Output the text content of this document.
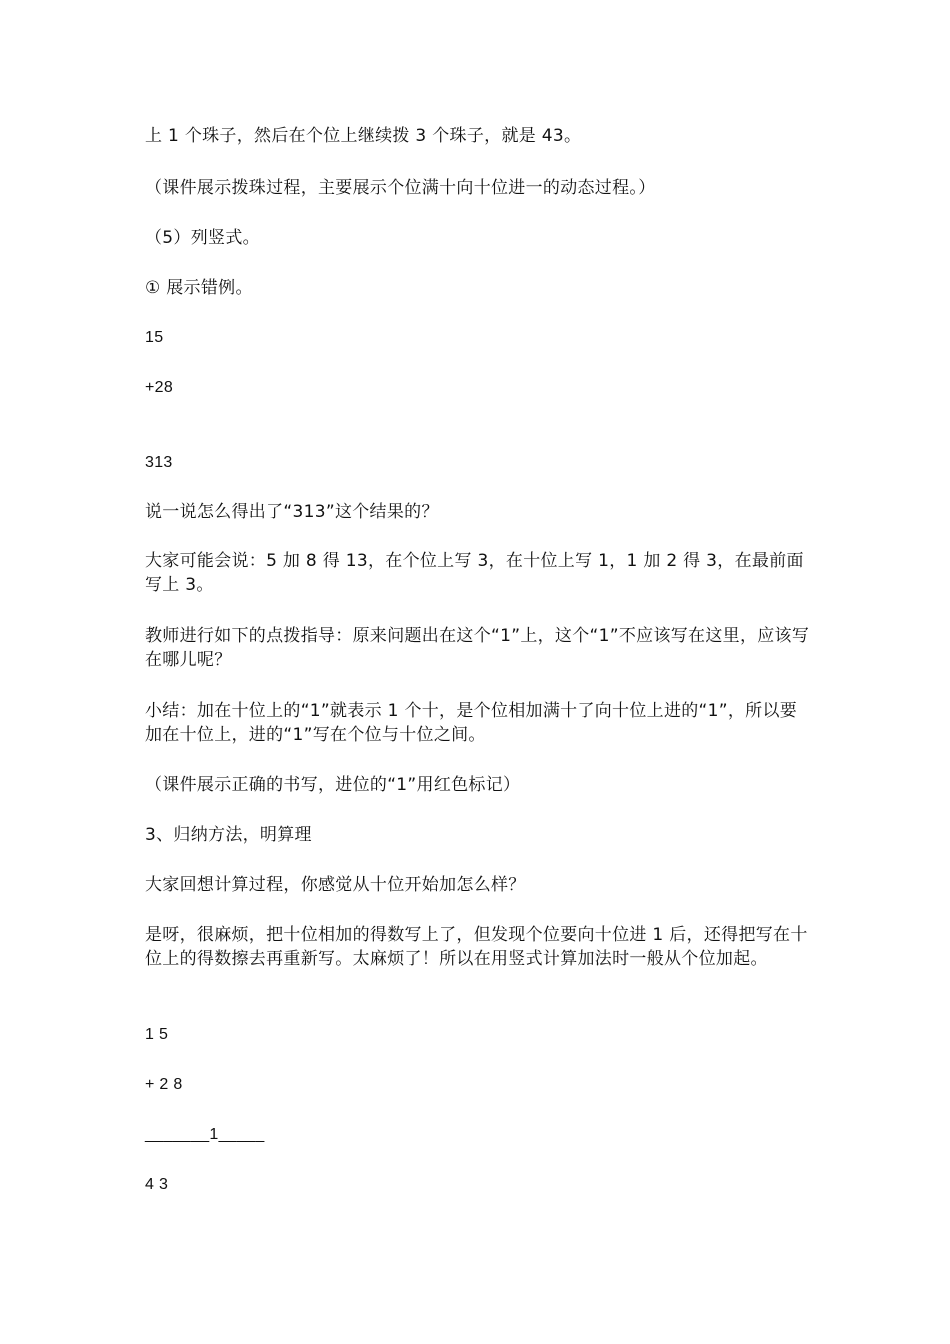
上 1 个珠子，然后在个位上继续拨 3 个珠子，就是 43。
（课件展示拨珠过程，主要展示个位满十向十位进一的动态过程。）
（5）列竖式。
① 展示错例。
15
+28
313
说一说怎么得出了“313”这个结果的？
大家可能会说：5 加 8 得 13，在个位上写 3，在十位上写 1，1 加 2 得 3，在最前面写上 3。
教师进行如下的点拨指导：原来问题出在这个“1”上，这个“1”不应该写在这里，应该写在哪儿呢？
小结：加在十位上的“1”就表示 1 个十，是个位相加满十了向十位上进的“1”，所以要加在十位上，进的“1”写在个位与十位之间。
（课件展示正确的书写，进位的“1”用红色标记）
3、归纳方法，明算理
大家回想计算过程，你感觉从十位开始加怎么样？
是呀，很麻烦，把十位相加的得数写上了，但发现个位要向十位进 1 后，还得把写在十位上的得数擦去再重新写。太麻烦了！所以在用竖式计算加法时一般从个位加起。
1 5
+ 2 8
_______1_____
4 3
